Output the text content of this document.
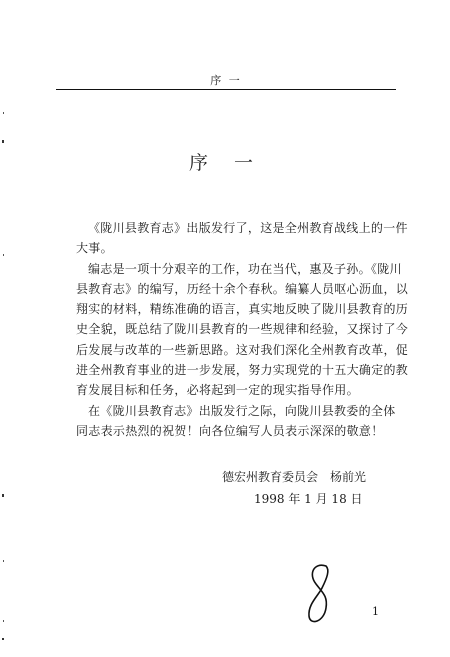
序 一
序 一
《陇川县教育志》出版发行了，这是全州教育战线上的一件
大事。
编志是一项十分艰辛的工作，功在当代，惠及子孙。《陇川
县教育志》的编写，历经十余个春秋。编纂人员呕心沥血，以
翔实的材料，精练准确的语言，真实地反映了陇川县教育的历
史全貌，既总结了陇川县教育的一些规律和经验，又探讨了今
后发展与改革的一些新思路。这对我们深化全州教育改革，促
进全州教育事业的进一步发展，努力实现党的十五大确定的教
育发展目标和任务，必将起到一定的现实指导作用。
在《陇川县教育志》出版发行之际，向陇川县教委的全体
同志表示热烈的祝贺！向各位编写人员表示深深的敬意！
德宏州教育委员会　杨前光
1998 年 1 月 18 日
1
